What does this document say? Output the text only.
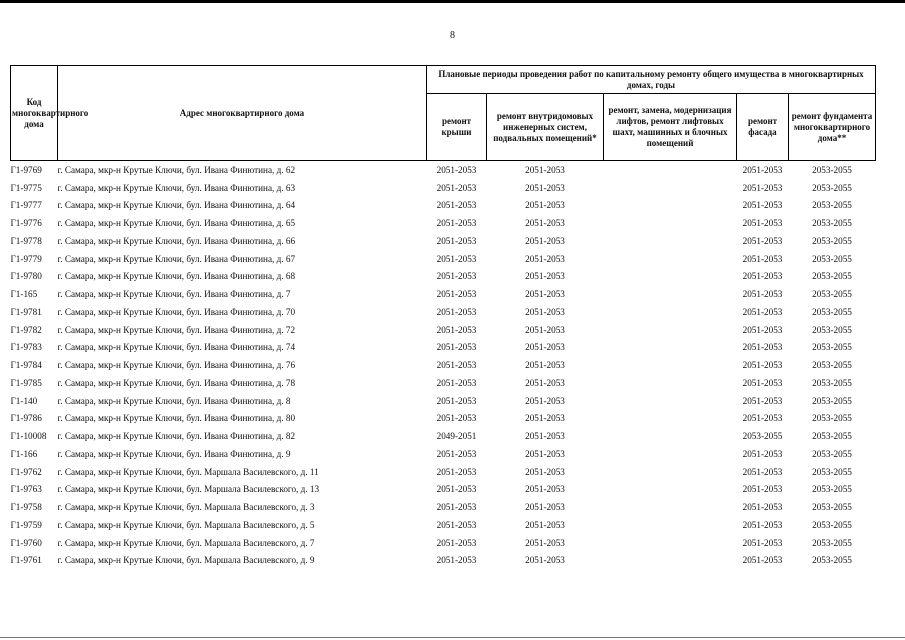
8
Код многоквартирного дома	Адрес многоквартирного дома	Плановые периоды проведения работ по капитальному ремонту общего имущества в многоквартирных домах, годы				
		ремонт крыши	ремонт внутридомовых инженерных систем, подвальных помещений*	ремонт, замена, модернизация лифтов, ремонт лифтовых шахт, машинных и блочных помещений	ремонт фасада	ремонт фундамента многоквартирного дома**
Г1-9769	г. Самара, мкр-н Крутые Ключи, бул. Ивана Финютина, д. 62	2051-2053	2051-2053		2051-2053	2053-2055
Г1-9775	г. Самара, мкр-н Крутые Ключи, бул. Ивана Финютина, д. 63	2051-2053	2051-2053		2051-2053	2053-2055
Г1-9777	г. Самара, мкр-н Крутые Ключи, бул. Ивана Финютина, д. 64	2051-2053	2051-2053		2051-2053	2053-2055
Г1-9776	г. Самара, мкр-н Крутые Ключи, бул. Ивана Финютина, д. 65	2051-2053	2051-2053		2051-2053	2053-2055
Г1-9778	г. Самара, мкр-н Крутые Ключи, бул. Ивана Финютина, д. 66	2051-2053	2051-2053		2051-2053	2053-2055
Г1-9779	г. Самара, мкр-н Крутые Ключи, бул. Ивана Финютина, д. 67	2051-2053	2051-2053		2051-2053	2053-2055
Г1-9780	г. Самара, мкр-н Крутые Ключи, бул. Ивана Финютина, д. 68	2051-2053	2051-2053		2051-2053	2053-2055
Г1-165	г. Самара, мкр-н Крутые Ключи, бул. Ивана Финютина, д. 7	2051-2053	2051-2053		2051-2053	2053-2055
Г1-9781	г. Самара, мкр-н Крутые Ключи, бул. Ивана Финютина, д. 70	2051-2053	2051-2053		2051-2053	2053-2055
Г1-9782	г. Самара, мкр-н Крутые Ключи, бул. Ивана Финютина, д. 72	2051-2053	2051-2053		2051-2053	2053-2055
Г1-9783	г. Самара, мкр-н Крутые Ключи, бул. Ивана Финютина, д. 74	2051-2053	2051-2053		2051-2053	2053-2055
Г1-9784	г. Самара, мкр-н Крутые Ключи, бул. Ивана Финютина, д. 76	2051-2053	2051-2053		2051-2053	2053-2055
Г1-9785	г. Самара, мкр-н Крутые Ключи, бул. Ивана Финютина, д. 78	2051-2053	2051-2053		2051-2053	2053-2055
Г1-140	г. Самара, мкр-н Крутые Ключи, бул. Ивана Финютина, д. 8	2051-2053	2051-2053		2051-2053	2053-2055
Г1-9786	г. Самара, мкр-н Крутые Ключи, бул. Ивана Финютина, д. 80	2051-2053	2051-2053		2051-2053	2053-2055
Г1-10008	г. Самара, мкр-н Крутые Ключи, бул. Ивана Финютина, д. 82	2049-2051	2051-2053		2053-2055	2053-2055
Г1-166	г. Самара, мкр-н Крутые Ключи, бул. Ивана Финютина, д. 9	2051-2053	2051-2053		2051-2053	2053-2055
Г1-9762	г. Самара, мкр-н Крутые Ключи, бул. Маршала Василевского, д. 11	2051-2053	2051-2053		2051-2053	2053-2055
Г1-9763	г. Самара, мкр-н Крутые Ключи, бул. Маршала Василевского, д. 13	2051-2053	2051-2053		2051-2053	2053-2055
Г1-9758	г. Самара, мкр-н Крутые Ключи, бул. Маршала Василевского, д. 3	2051-2053	2051-2053		2051-2053	2053-2055
Г1-9759	г. Самара, мкр-н Крутые Ключи, бул. Маршала Василевского, д. 5	2051-2053	2051-2053		2051-2053	2053-2055
Г1-9760	г. Самара, мкр-н Крутые Ключи, бул. Маршала Василевского, д. 7	2051-2053	2051-2053		2051-2053	2053-2055
Г1-9761	г. Самара, мкр-н Крутые Ключи, бул. Маршала Василевского, д. 9	2051-2053	2051-2053		2051-2053	2053-2055
